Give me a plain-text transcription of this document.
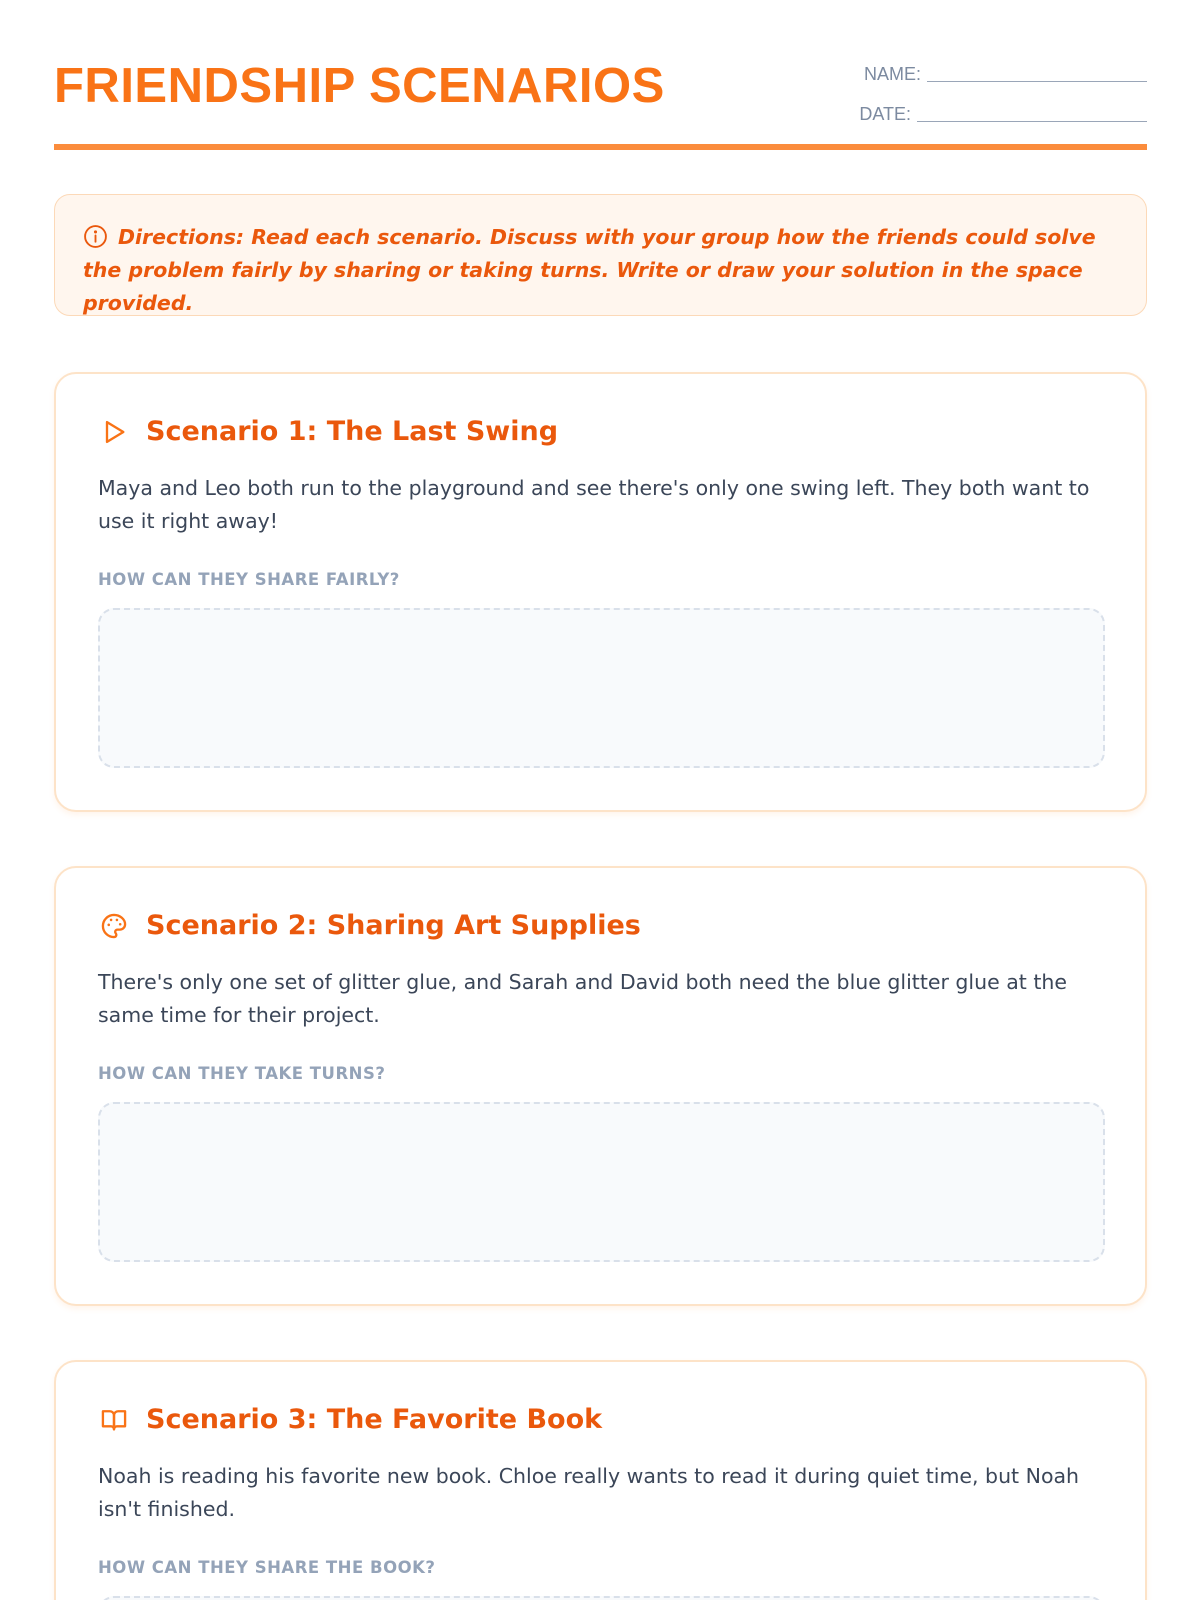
FRIENDSHIP SCENARIOS	NAME:
DATE:

Directions: Read each scenario. Discuss with your group how the friends could solve the problem fairly by sharing or taking turns. Write or draw your solution in the space provided.

Scenario 1: The Last Swing

Maya and Leo both run to the playground and see there's only one swing left. They both want to use it right away!

HOW CAN THEY SHARE FAIRLY?
Scenario 2: Sharing Art Supplies

There's only one set of glitter glue, and Sarah and David both need the blue glitter glue at the same time for their project.

HOW CAN THEY TAKE TURNS?
Scenario 3: The Favorite Book

Noah is reading his favorite new book. Chloe really wants to read it during quiet time, but Noah isn't finished.

HOW CAN THEY SHARE THE BOOK?
